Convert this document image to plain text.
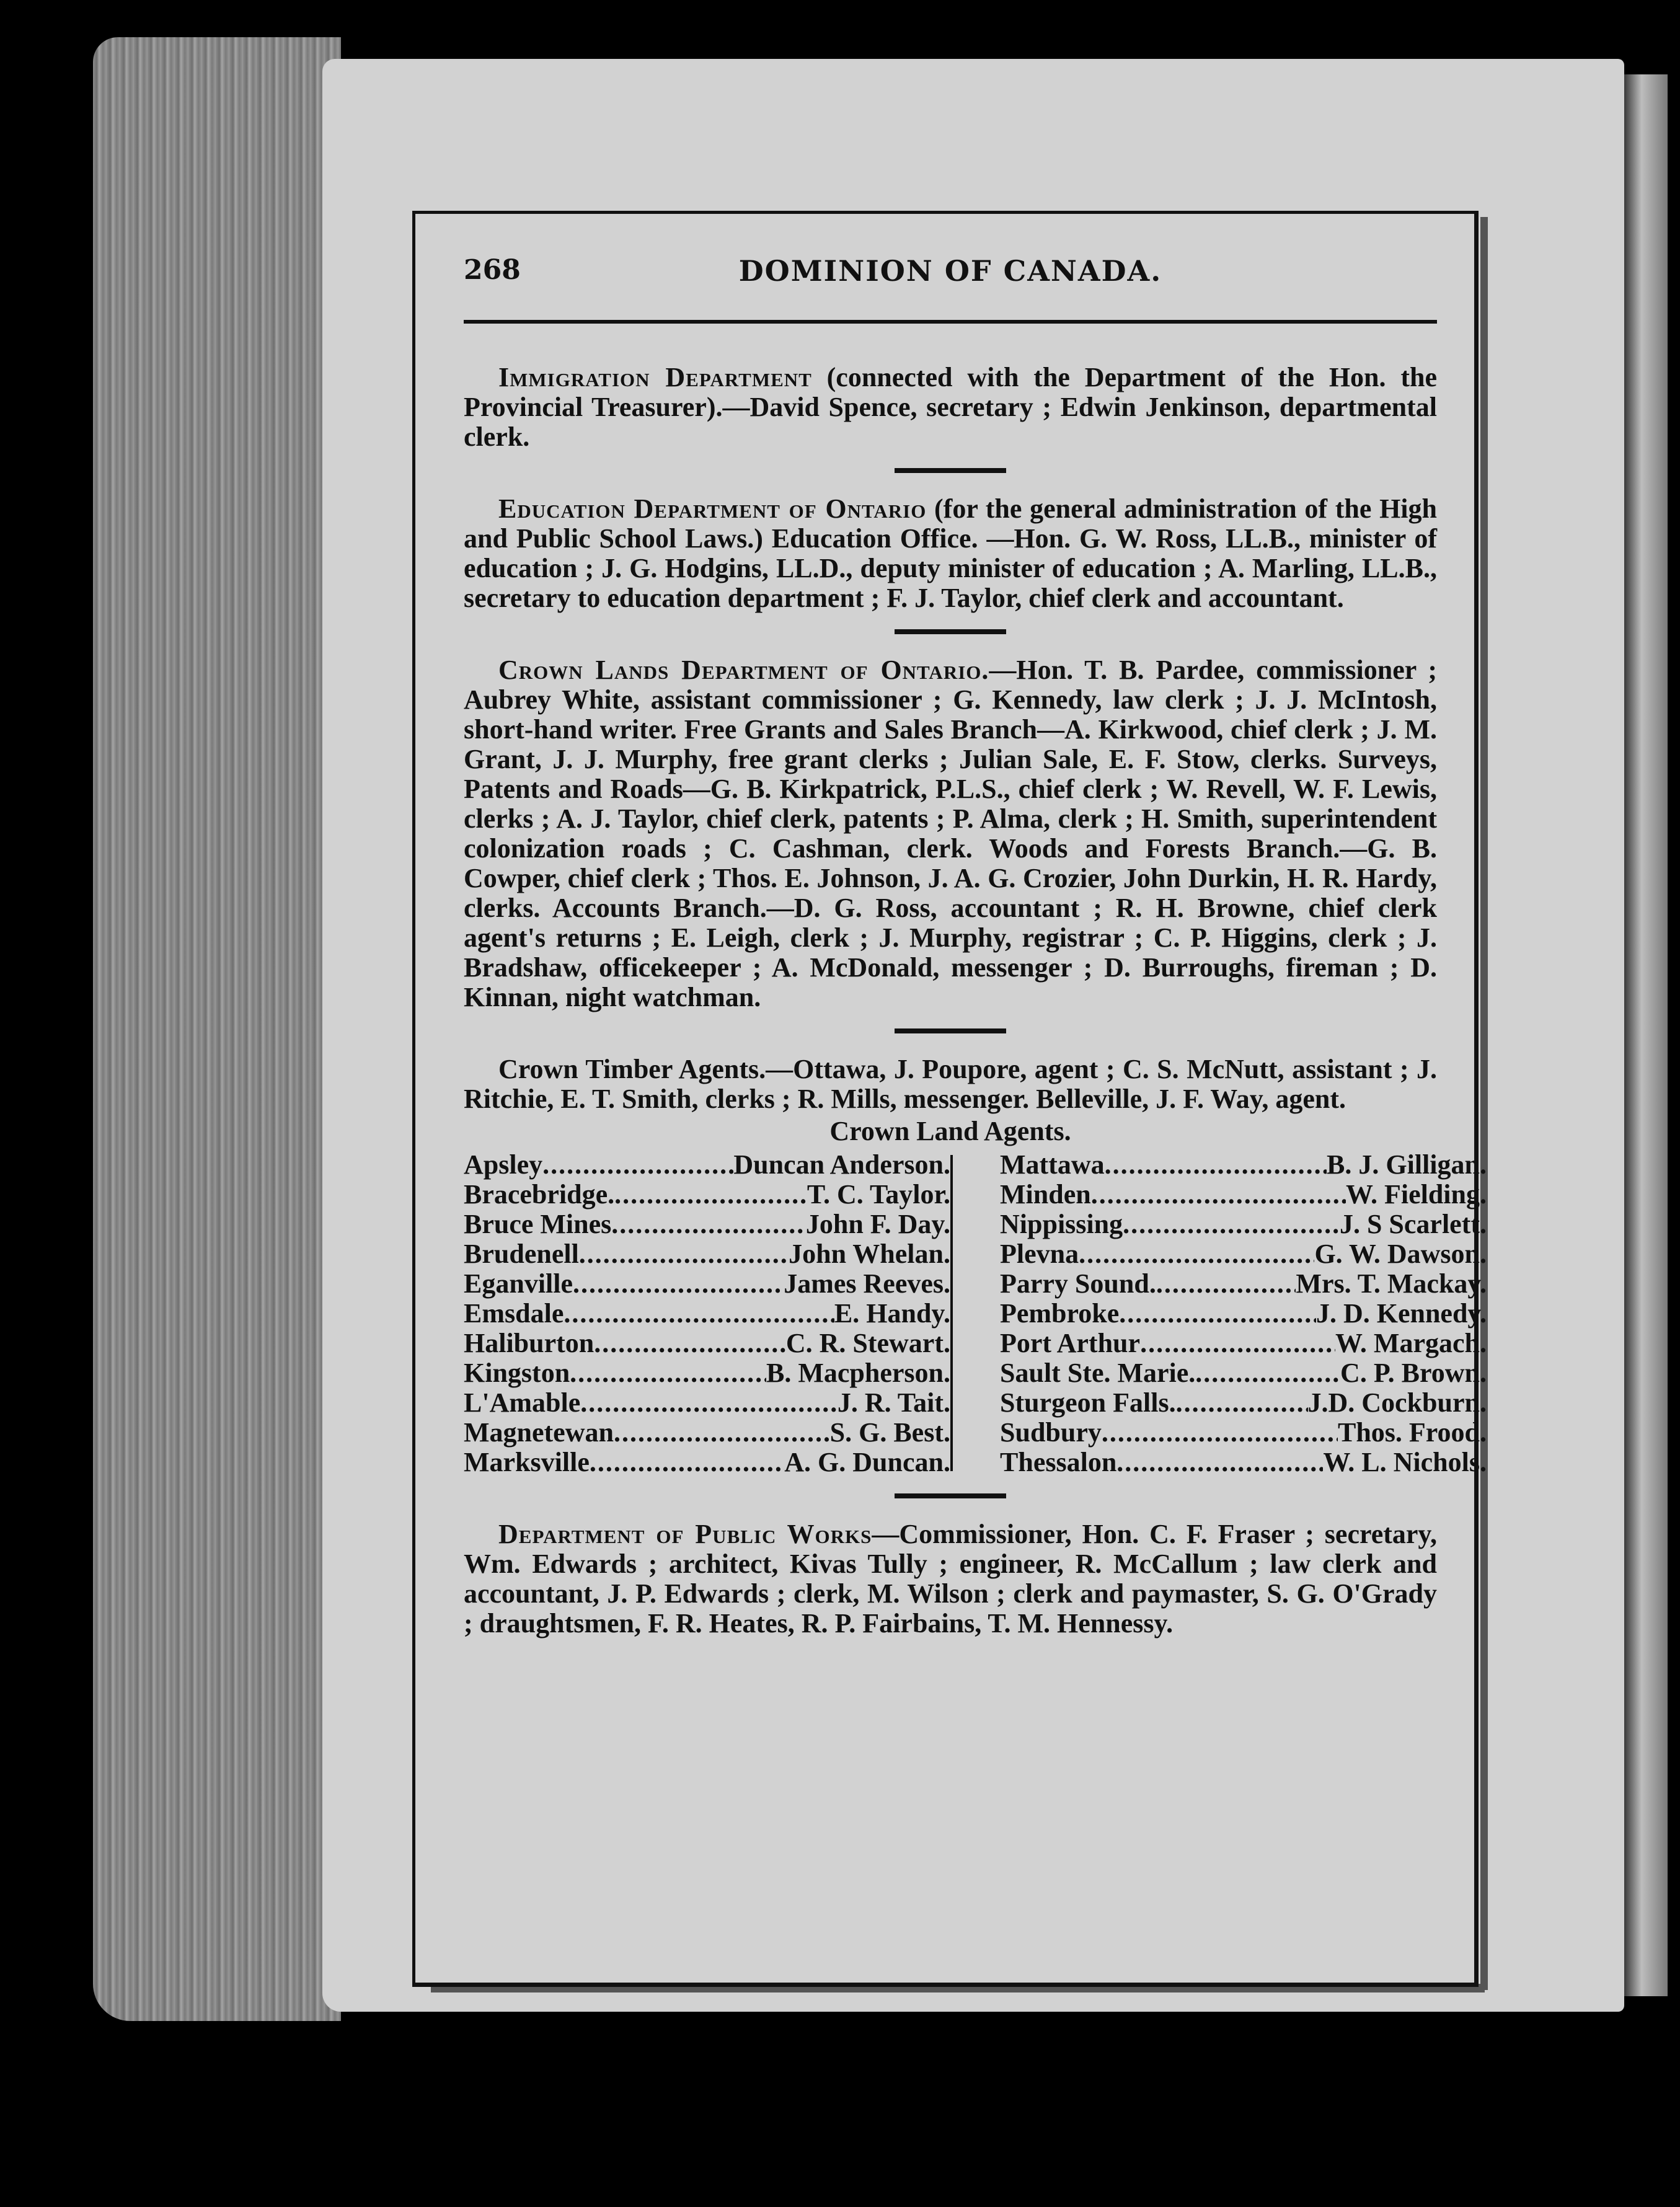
268	DOMINION OF CANADA.

Immigration Department (connected with the Department of the Hon. the Provincial Treasurer).—David Spence, secretary ; Edwin Jenkinson, departmental clerk.

Education Department of Ontario (for the general administration of the High and Public School Laws.) Education Office. —Hon. G. W. Ross, LL.B., minister of education ; J. G. Hodgins, LL.D., deputy minister of education ; A. Marling, LL.B., secretary to education department ; F. J. Taylor, chief clerk and accountant.

Crown Lands Department of Ontario.—Hon. T. B. Pardee, commissioner ; Aubrey White, assistant commissioner ; G. Kennedy, law clerk ; J. J. McIntosh, short-hand writer. Free Grants and Sales Branch—A. Kirkwood, chief clerk ; J. M. Grant, J. J. Murphy, free grant clerks ; Julian Sale, E. F. Stow, clerks. Surveys, Patents and Roads—G. B. Kirkpatrick, P.L.S., chief clerk ; W. Revell, W. F. Lewis, clerks ; A. J. Taylor, chief clerk, patents ; P. Alma, clerk ; H. Smith, superintendent colonization roads ; C. Cashman, clerk. Woods and Forests Branch.—G. B. Cowper, chief clerk ; Thos. E. Johnson, J. A. G. Crozier, John Durkin, H. R. Hardy, clerks. Accounts Branch.—D. G. Ross, accountant ; R. H. Browne, chief clerk agent's returns ; E. Leigh, clerk ; J. Murphy, registrar ; C. P. Higgins, clerk ; J. Bradshaw, officekeeper ; A. McDonald, messenger ; D. Burroughs, fireman ; D. Kinnan, night watchman.

Crown Timber Agents.—Ottawa, J. Poupore, agent ; C. S. McNutt, assistant ; J. Ritchie, E. T. Smith, clerks ; R. Mills, messenger. Belleville, J. F. Way, agent.

Crown Land Agents.
Apsley .....	Duncan Anderson.
Bracebridge. .....	T. C. Taylor.
Bruce Mines .....	John F. Day.
Brudenell .....	John Whelan.
Eganville .....	James Reeves.
Emsdale .....	E. Handy.
Haliburton .....	C. R. Stewart.
Kingston .....	B. Macpherson.
L'Amable .....	J. R. Tait.
Magnetewan .....	S. G. Best.
Marksville .....	A. G. Duncan.
Mattawa .....	B. J. Gilligan.
Minden .....	W. Fielding.
Nippissing .....	J. S Scarlett.
Plevna .....	G. W. Dawson.
Parry Sound. .....	Mrs. T. Mackay.
Pembroke .....	J. D. Kennedy.
Port Arthur .....	W. Margach.
Sault Ste. Marie. .....	C. P. Brown.
Sturgeon Falls. .....	J.D. Cockburn.
Sudbury .....	Thos. Frood.
Thessalon .....	W. L. Nichols.

Department of Public Works—Commissioner, Hon. C. F. Fraser ; secretary, Wm. Edwards ; architect, Kivas Tully ; engineer, R. McCallum ; law clerk and accountant, J. P. Edwards ; clerk, M. Wilson ; clerk and paymaster, S. G. O'Grady ; draughtsmen, F. R. Heates, R. P. Fairbains, T. M. Hennessy.
